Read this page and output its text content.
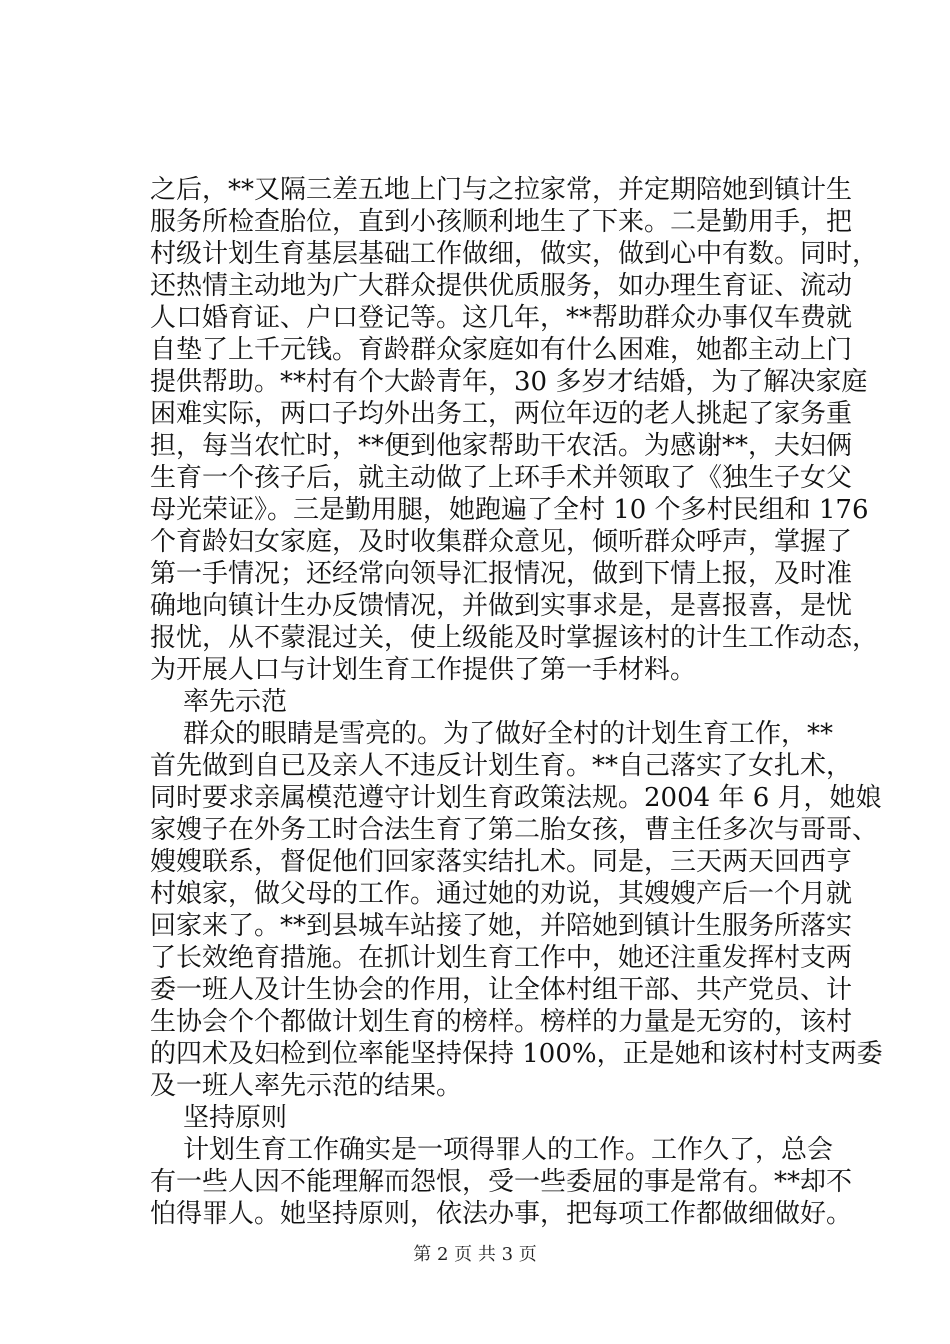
之后，**又隔三差五地上门与之拉家常，并定期陪她到镇计生
服务所检查胎位，直到小孩顺利地生了下来。二是勤用手，把
村级计划生育基层基础工作做细，做实，做到心中有数。同时，
还热情主动地为广大群众提供优质服务，如办理生育证、流动
人口婚育证、户口登记等。这几年，**帮助群众办事仅车费就
自垫了上千元钱。育龄群众家庭如有什么困难，她都主动上门
提供帮助。**村有个大龄青年，30 多岁才结婚，为了解决家庭
困难实际，两口子均外出务工，两位年迈的老人挑起了家务重
担，每当农忙时，**便到他家帮助干农活。为感谢**，夫妇俩
生育一个孩子后，就主动做了上环手术并领取了《独生子女父
母光荣证》。三是勤用腿，她跑遍了全村 10 个多村民组和 176
个育龄妇女家庭，及时收集群众意见，倾听群众呼声，掌握了
第一手情况；还经常向领导汇报情况，做到下情上报，及时准
确地向镇计生办反馈情况，并做到实事求是，是喜报喜，是忧
报忧，从不蒙混过关，使上级能及时掌握该村的计生工作动态，
为开展人口与计划生育工作提供了第一手材料。
率先示范
群众的眼睛是雪亮的。为了做好全村的计划生育工作，**
首先做到自已及亲人不违反计划生育。**自己落实了女扎术，
同时要求亲属模范遵守计划生育政策法规。2004 年 6 月，她娘
家嫂子在外务工时合法生育了第二胎女孩，曹主任多次与哥哥、
嫂嫂联系，督促他们回家落实结扎术。同是，三天两天回西亨
村娘家，做父母的工作。通过她的劝说，其嫂嫂产后一个月就
回家来了。**到县城车站接了她，并陪她到镇计生服务所落实
了长效绝育措施。在抓计划生育工作中，她还注重发挥村支两
委一班人及计生协会的作用，让全体村组干部、共产党员、计
生协会个个都做计划生育的榜样。榜样的力量是无穷的，该村
的四术及妇检到位率能坚持保持 100%，正是她和该村村支两委
及一班人率先示范的结果。
坚持原则
计划生育工作确实是一项得罪人的工作。工作久了，总会
有一些人因不能理解而怨恨，受一些委屈的事是常有。**却不
怕得罪人。她坚持原则，依法办事，把每项工作都做细做好。
第 2 页 共 3 页
